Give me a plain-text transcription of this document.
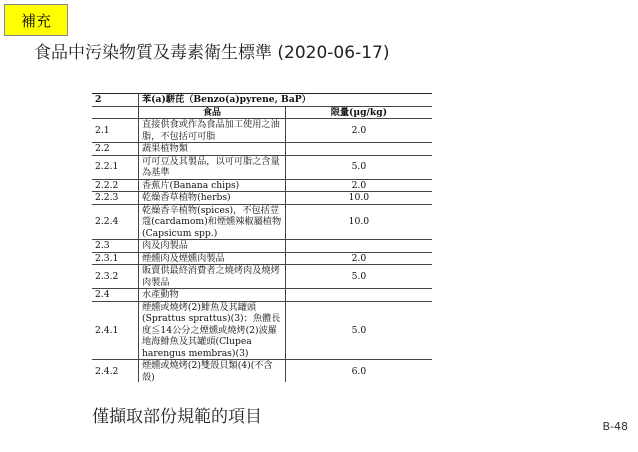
補充
食品中污染物質及毒素衛生標準 (2020-06-17)
2	苯(a)駢芘（Benzo(a)pyrene, BaP）	
	食品	限量(µg/kg)
2.1	直接供食或作為食品加工使用之油脂，不包括可可脂	2.0
2.2	蔬果植物類	
2.2.1	可可豆及其製品，以可可脂之含量為基準	5.0
2.2.2	香蕉片(Banana chips)	2.0
2.2.3	乾燥香草植物(herbs)	10.0
2.2.4	乾燥香辛植物(spices)，不包括荳蔻(cardamom)和煙燻辣椒屬植物(Capsicum spp.)	10.0
2.3	肉及肉製品	
2.3.1	煙燻肉及煙燻肉製品	2.0
2.3.2	販賣供最終消費者之燒烤肉及燒烤肉製品	5.0
2.4	水產動物	
2.4.1	煙燻或燒烤(2)鯡魚及其罐頭(Sprattus sprattus)(3)；魚體長度≦14公分之煙燻或燒烤(2)波羅地海鯡魚及其罐頭(Clupea harengus membras)(3)	5.0
2.4.2	煙燻或燒烤(2)雙殼貝類(4)(不含殼)	6.0

僅擷取部份規範的項目	B-48
